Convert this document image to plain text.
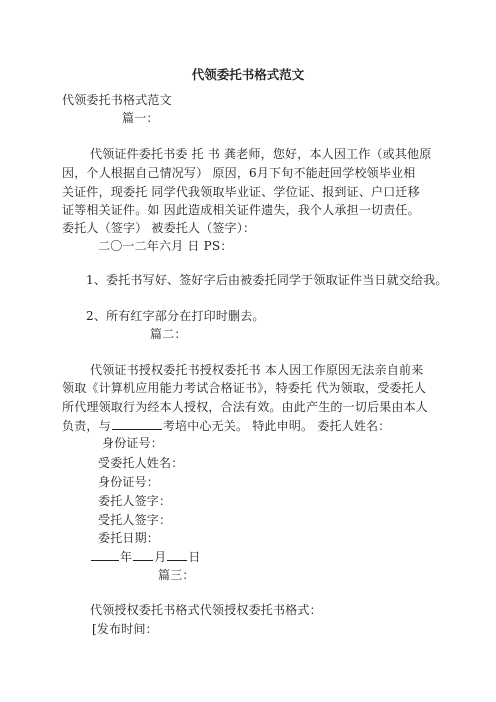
代领委托书格式范文
代领委托书格式范文
篇一：
代领证件委托书委 托 书 龚老师，您好，本人因工作（或其他原
因，个人根据自己情况写） 原因，6月下旬不能赶回学校领毕业相
关证件，现委托 同学代我领取毕业证、学位证、报到证、户口迁移
证等相关证件。如 因此造成相关证件遗失，我个人承担一切责任。
委托人（签字） 被委托人（签字）：
二〇一二年六月 日 PS：
1、委托书写好、签好字后由被委托同学于领取证件当日就交给我。
2、所有红字部分在打印时删去。
篇二：
代领证书授权委托书授权委托书 本人因工作原因无法亲自前来
领取《计算机应用能力考试合格证书》，特委托 代为领取，受委托人
所代理领取行为经本人授权，合法有效。由此产生的一切后果由本人
负责，与	考培中心无关。 特此申明。 委托人姓名：
身份证号：
受委托人姓名：
身份证号：
委托人签字：
受托人签字：
委托日期：
年 月 日
篇三：
代领授权委托书格式代领授权委托书格式：
[发布时间：
